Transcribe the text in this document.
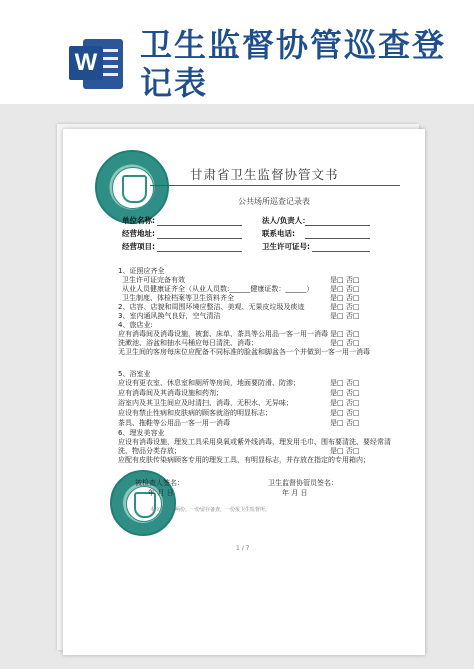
W 卫生监督协管巡查登记表
甘肃省卫生监督协管文书
公共场所巡查记录表
单位名称:	法人/负责人：
经营地址:	联系电话:
经营项目:	卫生许可证号:
1、证照应齐全
卫生许可证完备有效	是□ 否□
从业人员健康证齐全（从业人员数:______健康证数：______） 是□ 否□
卫生制度、体检档案等卫生资料齐全	是□ 否□
2、店容、店貌和周围环境应整洁、美观、无果皮垃圾及痰迹	是□ 否□
3、室内通风换气良好，空气清洁	是□ 否□
4、旅店业:
应有消毒间及消毒设施，被套、床单、茶具等公用品一客一用一消毒 是□ 否□
洗漱池、浴盆和抽水马桶应每日清洗、消毒；	是□ 否□
无卫生间的客房每床位应配备不同标准的脸盆和脚盆各一个并做到一客一用一消毒
5、浴室业
应设有更衣室、休息室和厕所等房间，地面要防滑、防渗；	是□ 否□
应有消毒间及其消毒设施和药剂；	是□ 否□
浴室内及其卫生间应及时清扫、消毒，无积水、无异味；	是□ 否□
应设有禁止性病和皮肤病的顾客就浴的明显标志；	是□ 否□
茶具、拖鞋等公用品一客一用一消毒	是□ 否□
6、理发美容业
应设有消毒设施，理发工具采用臭氧或紫外线消毒，理发用毛巾、围布要清洗、要经常清
洗，物品分类存放；	是□ 否□
应配有皮肤传染病顾客专用的理发工具，有明显标志，并存放在指定的专用箱内；
被检查人签名：	卫生监督协管员签名：
年 月 日	年 月 日
本文书一式两份，一份留存备查，一份报卫生监督所。
1 / 7
